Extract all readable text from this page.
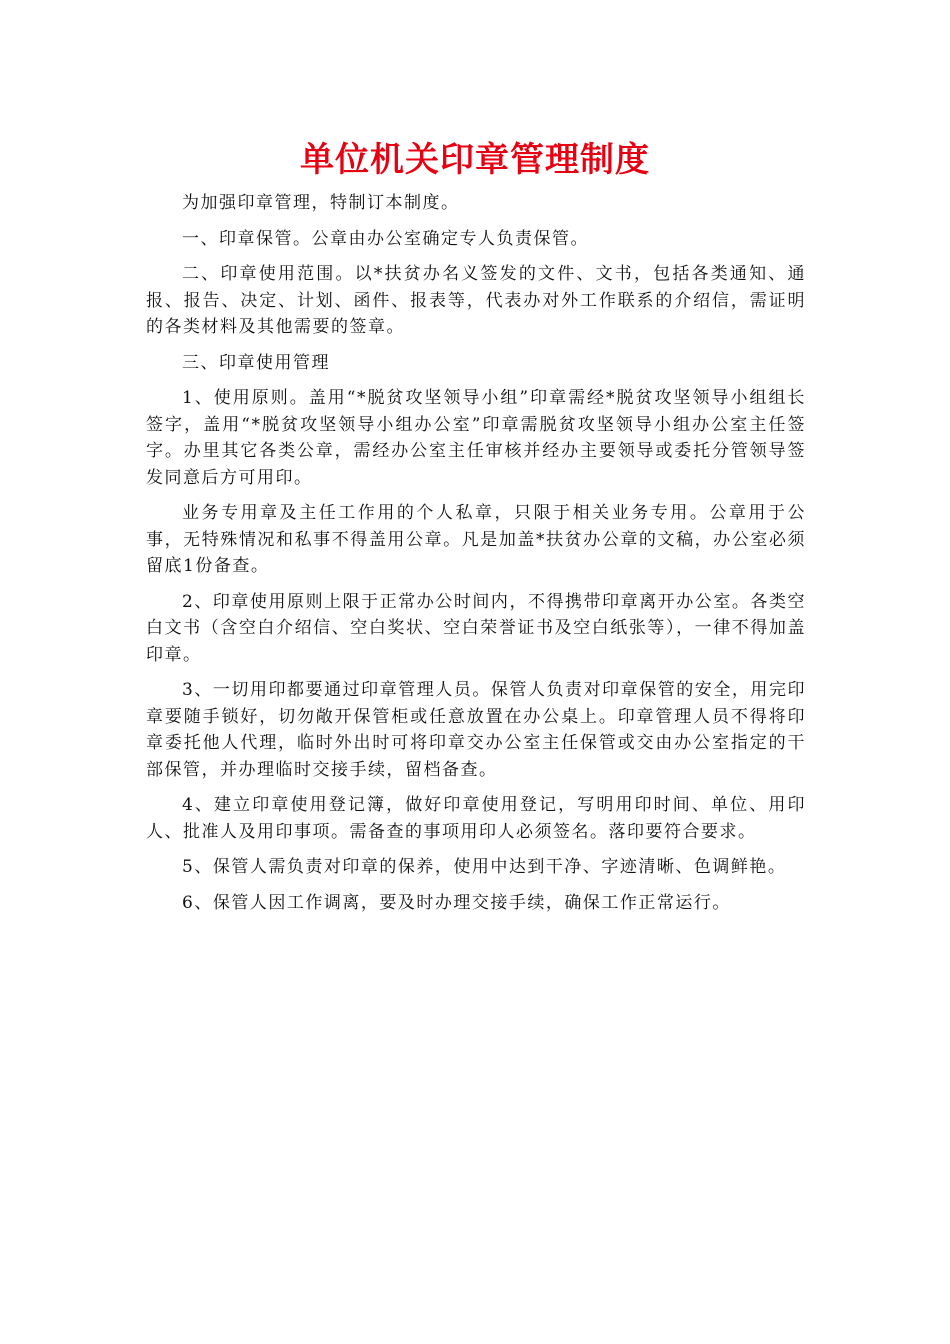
单位机关印章管理制度

为加强印章管理，特制订本制度。

一、印章保管。公章由办公室确定专人负责保管。

二、印章使用范围。以*扶贫办名义签发的文件、文书，包括各类通知、通报、报告、决定、计划、函件、报表等，代表办对外工作联系的介绍信，需证明的各类材料及其他需要的签章。

三、印章使用管理

1、使用原则。盖用“*脱贫攻坚领导小组”印章需经*脱贫攻坚领导小组组长签字，盖用“*脱贫攻坚领导小组办公室”印章需脱贫攻坚领导小组办公室主任签字。办里其它各类公章，需经办公室主任审核并经办主要领导或委托分管领导签发同意后方可用印。

业务专用章及主任工作用的个人私章，只限于相关业务专用。公章用于公事，无特殊情况和私事不得盖用公章。凡是加盖*扶贫办公章的文稿，办公室必须留底1份备查。

2、印章使用原则上限于正常办公时间内，不得携带印章离开办公室。各类空白文书（含空白介绍信、空白奖状、空白荣誉证书及空白纸张等），一律不得加盖印章。

3、一切用印都要通过印章管理人员。保管人负责对印章保管的安全，用完印章要随手锁好，切勿敞开保管柜或任意放置在办公桌上。印章管理人员不得将印章委托他人代理，临时外出时可将印章交办公室主任保管或交由办公室指定的干部保管，并办理临时交接手续，留档备查。

4、建立印章使用登记簿，做好印章使用登记，写明用印时间、单位、用印人、批准人及用印事项。需备查的事项用印人必须签名。落印要符合要求。

5、保管人需负责对印章的保养，使用中达到干净、字迹清晰、色调鲜艳。

6、保管人因工作调离，要及时办理交接手续，确保工作正常运行。
